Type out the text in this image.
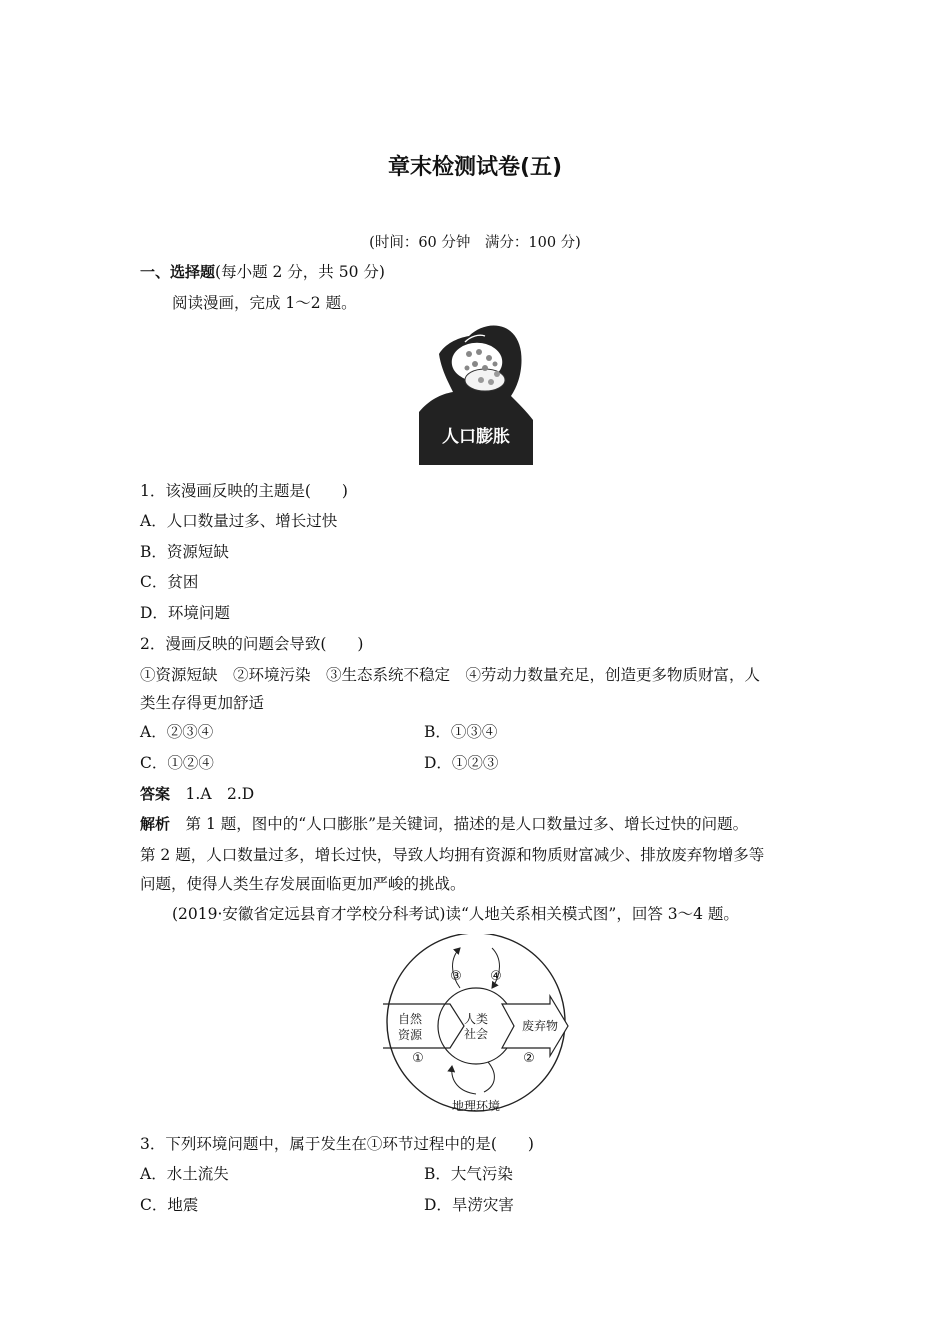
章末检测试卷(五)
(时间：60 分钟　满分：100 分)
一、选择题(每小题 2 分，共 50 分)
阅读漫画，完成 1～2 题。
人口膨胀
1．该漫画反映的主题是(　　)
A．人口数量过多、增长过快
B．资源短缺
C．贫困
D．环境问题
2．漫画反映的问题会导致(　　)
①资源短缺　②环境污染　③生态系统不稳定　④劳动力数量充足，创造更多物质财富，人
类生存得更加舒适
A．②③④	B．①③④
C．①②④	D．①②③
答案　 1.A　2.D
解析　 第 1 题，图中的“人口膨胀”是关键词，描述的是人口数量过多、增长过快的问题。
第 2 题，人口数量过多，增长过快，导致人均拥有资源和物质财富减少、排放废弃物增多等
问题，使得人类生存发展面临更加严峻的挑战。
(2019·安徽省定远县育才学校分科考试)读“人地关系相关模式图”，回答 3～4 题。
人类
社会
自然
资源
废弃物
地理环境
①	②
③ ④
3．下列环境问题中，属于发生在①环节过程中的是(　　)
A．水土流失	B．大气污染
C．地震	D．旱涝灾害
